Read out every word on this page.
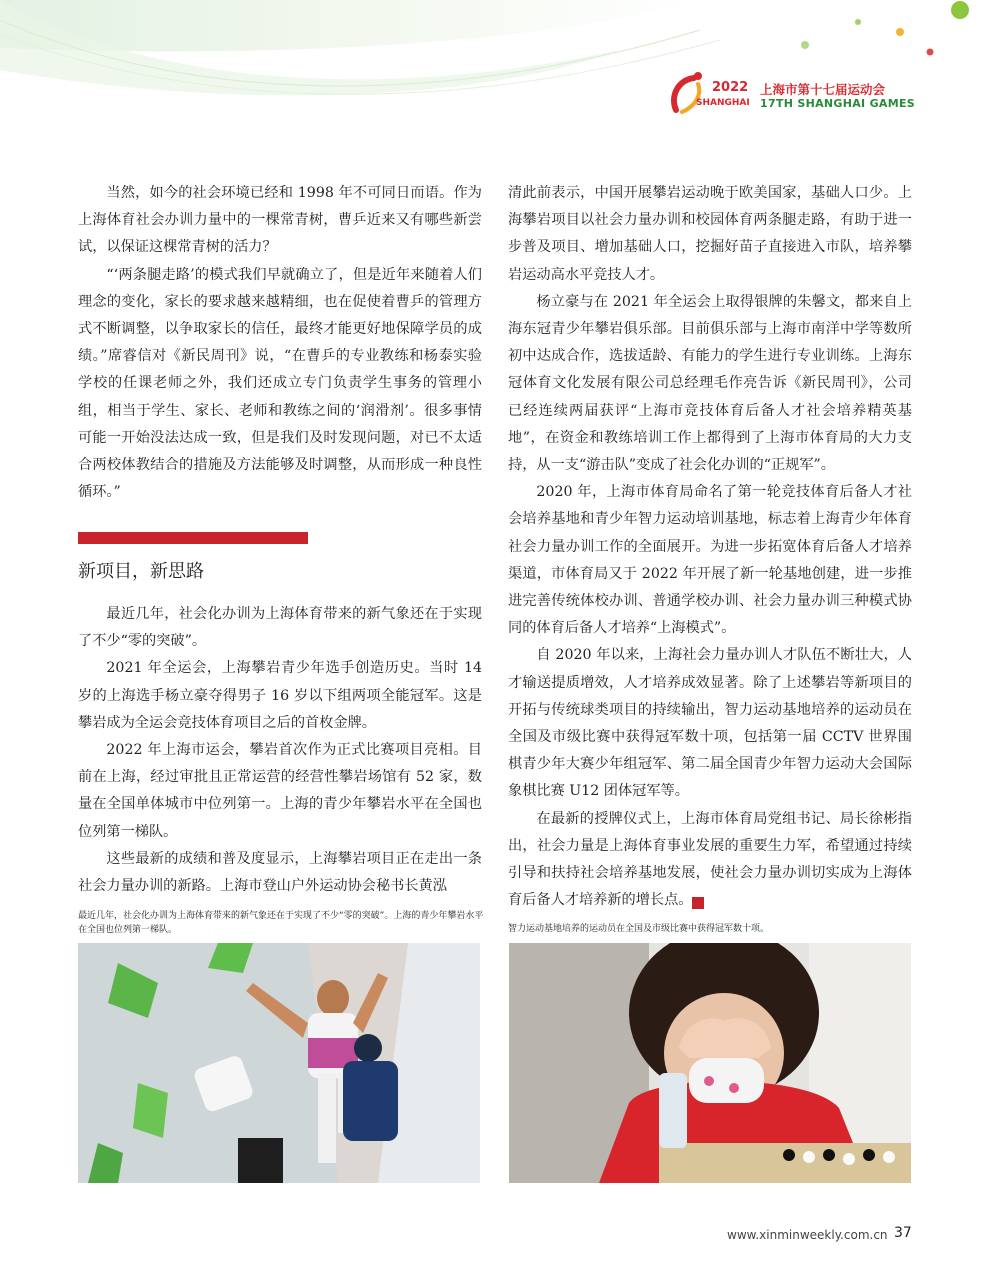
2022
SHANGHAI
上海市第十七届运动会
17TH SHANGHAI GAMES

当然，如今的社会环境已经和 1998 年不可同日而语。作为上海体育社会办训力量中的一棵常青树，曹乒近来又有哪些新尝试，以保证这棵常青树的活力？

“‘两条腿走路’的模式我们早就确立了，但是近年来随着人们理念的变化，家长的要求越来越精细，也在促使着曹乒的管理方式不断调整，以争取家长的信任，最终才能更好地保障学员的成绩。”席睿信对《新民周刊》说，“在曹乒的专业教练和杨泰实验学校的任课老师之外，我们还成立专门负责学生事务的管理小组，相当于学生、家长、老师和教练之间的‘润滑剂’。很多事情可能一开始没法达成一致，但是我们及时发现问题，对已不太适合两校体教结合的措施及方法能够及时调整，从而形成一种良性循环。”

新项目，新思路

最近几年，社会化办训为上海体育带来的新气象还在于实现了不少“零的突破”。

2021 年全运会，上海攀岩青少年选手创造历史。当时 14 岁的上海选手杨立豪夺得男子 16 岁以下组两项全能冠军。这是攀岩成为全运会竞技体育项目之后的首枚金牌。

2022 年上海市运会，攀岩首次作为正式比赛项目亮相。目前在上海，经过审批且正常运营的经营性攀岩场馆有 52 家，数量在全国单体城市中位列第一。上海的青少年攀岩水平在全国也位列第一梯队。

这些最新的成绩和普及度显示，上海攀岩项目正在走出一条社会力量办训的新路。上海市登山户外运动协会秘书长黄泓

清此前表示，中国开展攀岩运动晚于欧美国家，基础人口少。上海攀岩项目以社会力量办训和校园体育两条腿走路，有助于进一步普及项目、增加基础人口，挖掘好苗子直接进入市队，培养攀岩运动高水平竞技人才。

杨立豪与在 2021 年全运会上取得银牌的朱馨文，都来自上海东冠青少年攀岩俱乐部。目前俱乐部与上海市南洋中学等数所初中达成合作，选拔适龄、有能力的学生进行专业训练。上海东冠体育文化发展有限公司总经理毛作亮告诉《新民周刊》，公司已经连续两届获评“上海市竞技体育后备人才社会培养精英基地”，在资金和教练培训工作上都得到了上海市体育局的大力支持，从一支“游击队”变成了社会化办训的“正规军”。

2020 年，上海市体育局命名了第一轮竞技体育后备人才社会培养基地和青少年智力运动培训基地，标志着上海青少年体育社会力量办训工作的全面展开。为进一步拓宽体育后备人才培养渠道，市体育局又于 2022 年开展了新一轮基地创建，进一步推进完善传统体校办训、普通学校办训、社会力量办训三种模式协同的体育后备人才培养“上海模式”。

自 2020 年以来，上海社会力量办训人才队伍不断壮大，人才输送提质增效，人才培养成效显著。除了上述攀岩等新项目的开拓与传统球类项目的持续输出，智力运动基地培养的运动员在全国及市级比赛中获得冠军数十项，包括第一届 CCTV 世界围棋青少年大赛少年组冠军、第二届全国青少年智力运动大会国际象棋比赛 U12 团体冠军等。

在最新的授牌仪式上，上海市体育局党组书记、局长徐彬指出，社会力量是上海体育事业发展的重要生力军，希望通过持续引导和扶持社会培养基地发展，使社会力量办训切实成为上海体育后备人才培养新的增长点。	民

最近几年，社会化办训为上海体育带来的新气象还在于实现了不少“零的突破”。上海的青少年攀岩水平在全国也位列第一梯队。	智力运动基地培养的运动员在全国及市级比赛中获得冠军数十项。
www.xinminweekly.com.cn 37
